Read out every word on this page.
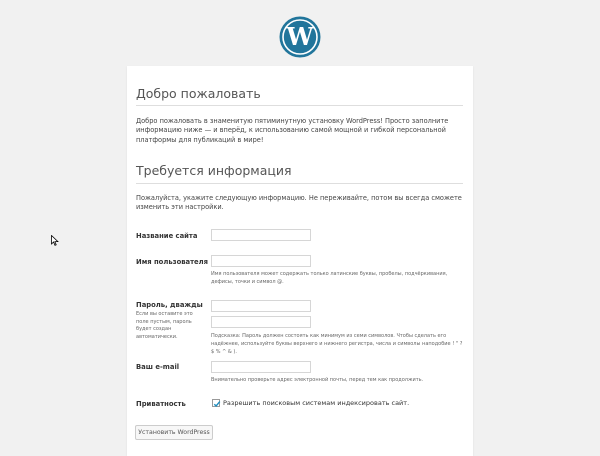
W
Добро пожаловать
Добро пожаловать в знаменитую пятиминутную установку WordPress! Просто заполните информацию ниже — и вперёд, к использованию самой мощной и гибкой персональной платформы для публикаций в мире!
Требуется информация
Пожалуйста, укажите следующую информацию. Не переживайте, потом вы всегда сможете изменить эти настройки.
Название сайта
Имя пользователя
Имя пользователя может содержать только латинские буквы, пробелы, подчёркивания, дефисы, точки и символ @.
Пароль, дважды
Если вы оставите это поле пустым, пароль будет создан автоматически.	Подсказка: Пароль должен состоять как минимум из семи символов. Чтобы сделать его надёжнее, используйте буквы верхнего и нижнего регистра, числа и символы наподобие ! " ? $ % ^ & ).
Ваш e-mail
Внимательно проверьте адрес электронной почты, перед тем как продолжить.
Приватность	Разрешить поисковым системам индексировать сайт.
Установить WordPress
